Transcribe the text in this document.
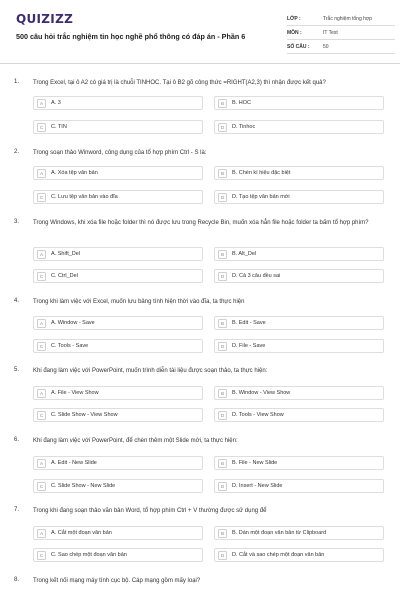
QUIZIZZ
500 câu hỏi trắc nghiệm tin học nghề phổ thông có đáp án - Phần 6
LỚP :	Trắc nghiệm tổng hợp
MÔN :	IT Test
SỐ CÂU :	50
1. Trong Excel, tại ô A2 có giá trị là chuỗi TINHOC. Tại ô B2 gõ công thức =RIGHT(A2,3) thì nhận được kết quả?
A	A. 3	B	B. HOC
C	C. TIN	D	D. Tinhoc
2. Trong soạn thảo Winword, công dụng của tổ hợp phím Ctrl - S là:
A	A. Xóa tệp văn bản	B	B. Chèn kí hiệu đặc biệt
C	C. Lưu tệp văn bản vào đĩa	D	D. Tạo tệp văn bản mới
3. Trong Windows, khi xóa file hoặc folder thì nó được lưu trong Recycle Bin, muốn xóa hẳn file hoặc folder ta bấm tổ hợp phím?
A	A. Shift_Del	B	B. Alt_Del
C	C. Ctrl_Del	D	D. Cả 3 câu đều sai
4. Trong khi làm việc với Excel, muốn lưu bảng tính hiện thời vào đĩa, ta thực hiện
A	A. Window - Save	B	B. Edit - Save
C	C. Tools - Save	D	D. File - Save
5. Khi đang làm việc với PowerPoint, muốn trình diễn tài liệu được soạn thảo, ta thực hiện:
A	A. File - View Show	B	B. Window - View Show
C	C. Slide Show - View Show	D	D. Tools - View Show
6. Khi đang làm việc với PowerPoint, để chèn thêm một Slide mới, ta thực hiện:
A	A. Edit - New Slide	B	B. File - New Slide
C	C. Slide Show - New Slide	D	D. Insert - New Slide
7. Trong khi đang soạn thảo văn bản Word, tổ hợp phím Ctrl + V thường được sử dụng để
A	A. Cắt một đoạn văn bản	B	B. Dán một đoạn văn bản từ Clipboard
C	C. Sao chép một đoạn văn bản	D	D. Cắt và sao chép một đoạn văn bản
8. Trong kết nối mạng máy tính cục bộ. Cáp mạng gồm mấy loại?
